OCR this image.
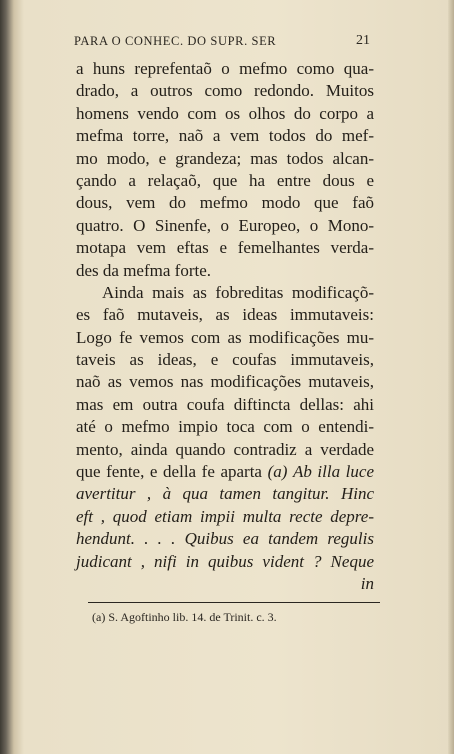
PARA O CONHEC. DO SUPR. SER	21
a huns reprefentaõ o mefmo como qua-
drado, a outros como redondo. Muitos
homens vendo com os olhos do corpo a
mefma torre, naõ a vem todos do mef-
mo modo, e grandeza; mas todos alcan-
çando a relaçaõ, que ha entre dous e
dous, vem do mefmo modo que faõ
quatro. O Sinenfe, o Europeo, o Mono-
motapa vem eftas e femelhantes verda-
des da mefma forte.
Ainda mais as fobreditas modificaçõ-
es faõ mutaveis, as ideas immutaveis:
Logo fe vemos com as modificações mu-
taveis as ideas, e coufas immutaveis,
naõ as vemos nas modificações mutaveis,
mas em outra coufa diftincta dellas: ahi
até o mefmo impio toca com o entendi-
mento, ainda quando contradiz a verdade
que fente, e della fe aparta (a) Ab illa luce
avertitur , à qua tamen tangitur. Hinc
eft , quod etiam impii multa recte depre-
hendunt. . . . Quibus ea tandem regulis
judicant , nifi in quibus vident ? Neque
in
(a) S. Agoftinho lib. 14. de Trinit. c. 3.
